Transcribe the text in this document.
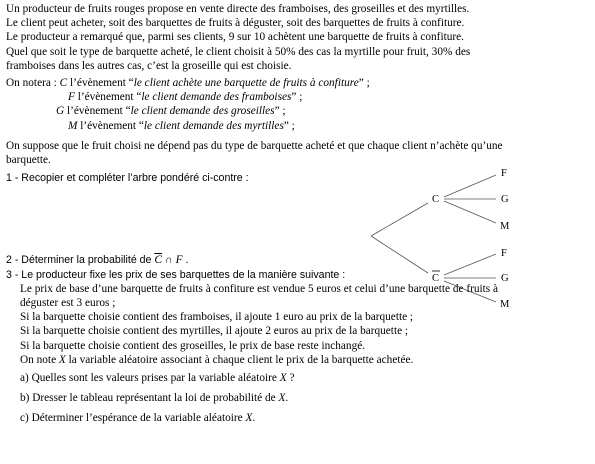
Un producteur de fruits rouges propose en vente directe des framboises, des groseilles et des myrtilles.
Le client peut acheter, soit des barquettes de fruits à déguster, soit des barquettes de fruits à confiture.
Le producteur a remarqué que, parmi ses clients, 9 sur 10 achètent une barquette de fruits à confiture.
Quel que soit le type de barquette acheté, le client choisit à 50% des cas la myrtille pour fruit, 30% des
framboises dans les autres cas, c’est la groseille qui est choisie.
On notera : C l’évènement “le client achète une barquette de fruits à confiture” ;
F l’évènement “le client demande des framboises” ;
G l’évènement “le client demande des groseilles” ;
M l’évènement “le client demande des myrtilles” ;
On suppose que le fruit choisi ne dépend pas du type de barquette acheté et que chaque client n’achète qu’une
barquette.
1 - Recopier et compléter l’arbre pondéré ci-contre :
2 - Déterminer la probabilité de $\overline{C}$ ∩ F .
3 - Le producteur fixe les prix de ses barquettes de la manière suivante :
Le prix de base d’une barquette de fruits à confiture est vendue 5 euros et celui d’une barquette de fruits à
déguster est 3 euros ;
Si la barquette choisie contient des framboises, il ajoute 1 euro au prix de la barquette ;
Si la barquette choisie contient des myrtilles, il ajoute 2 euros au prix de la barquette ;
Si la barquette choisie contient des groseilles, le prix de base reste inchangé.
On note X la variable aléatoire associant à chaque client le prix de la barquette achetée.
a) Quelles sont les valeurs prises par la variable aléatoire X ?
b) Dresser le tableau représentant la loi de probabilité de X.
c) Déterminer l’espérance de la variable aléatoire X.
C
C
F
G
M
F
G
M
